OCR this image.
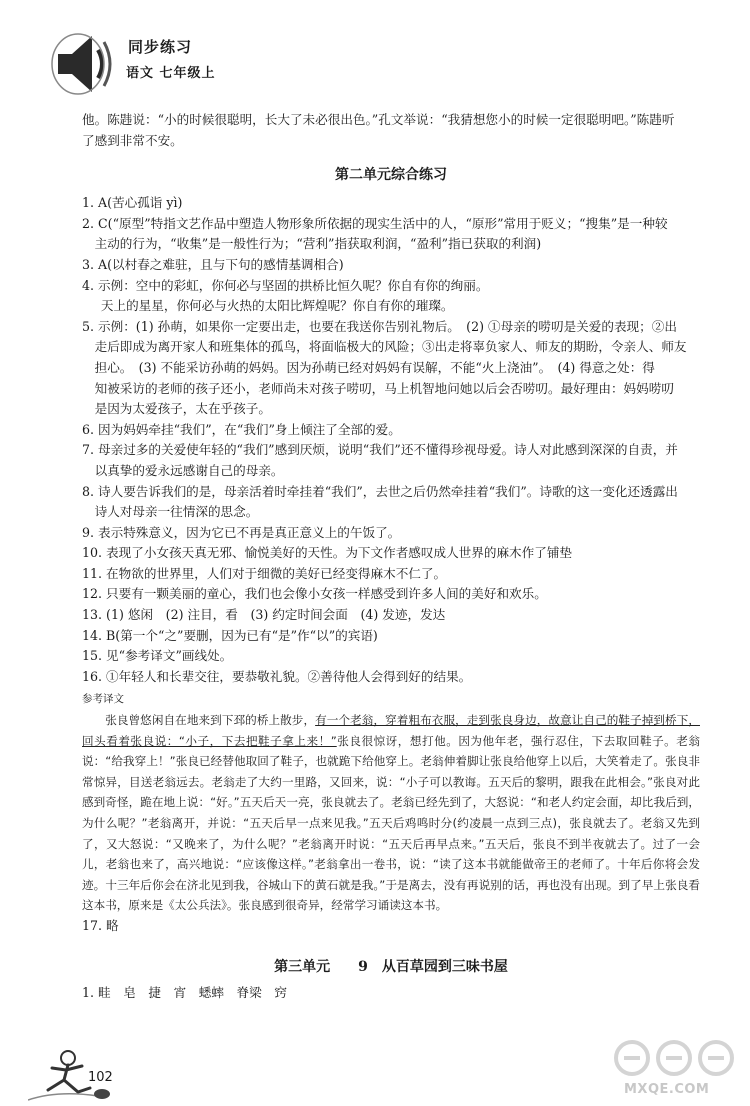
同步练习
语文 七年级上

他。陈韪说：“小的时候很聪明，长大了未必很出色。”孔文举说：“我猜想您小的时候一定很聪明吧。”陈韪听

了感到非常不安。

第二单元综合练习

1. A(苦心孤诣 yì)

2. C(“原型”特指文艺作品中塑造人物形象所依据的现实生活中的人，“原形”常用于贬义；“搜集”是一种较

主动的行为，“收集”是一般性行为；“营利”指获取利润，“盈利”指已获取的利润)

3. A(以村春之难驻，且与下句的感情基调相合)

4. 示例：空中的彩虹，你何必与坚固的拱桥比恒久呢？你自有你的绚丽。

天上的星星，你何必与火热的太阳比辉煌呢？你自有你的璀璨。

5. 示例：(1) 孙萌，如果你一定要出走，也要在我送你告别礼物后。　(2) ①母亲的唠叨是关爱的表现；②出

走后即成为离开家人和班集体的孤鸟，将面临极大的风险；③出走将辜负家人、师友的期盼，令亲人、师友

担心。　(3) 不能采访孙萌的妈妈。因为孙萌已经对妈妈有误解，不能“火上浇油”。　(4) 得意之处：得

知被采访的老师的孩子还小，老师尚未对孩子唠叨，马上机智地问她以后会否唠叨。最好理由：妈妈唠叨

是因为太爱孩子，太在乎孩子。

6. 因为妈妈牵挂“我们”，在“我们”身上倾注了全部的爱。

7. 母亲过多的关爱使年轻的“我们”感到厌烦，说明“我们”还不懂得珍视母爱。诗人对此感到深深的自责，并

以真挚的爱永远感谢自己的母亲。

8. 诗人要告诉我们的是，母亲活着时牵挂着“我们”，去世之后仍然牵挂着“我们”。诗歌的这一变化还透露出

诗人对母亲一往情深的思念。

9. 表示特殊意义，因为它已不再是真正意义上的午饭了。

10. 表现了小女孩天真无邪、愉悦美好的天性。为下文作者感叹成人世界的麻木作了铺垫

11. 在物欲的世界里，人们对于细微的美好已经变得麻木不仁了。

12. 只要有一颗美丽的童心，我们也会像小女孩一样感受到许多人间的美好和欢乐。

13. (1) 悠闲　(2) 注目，看　(3) 约定时间会面　(4) 发迹，发达

14. B(第一个“之”要删，因为已有“是”作“以”的宾语)

15. 见“参考译文”画线处。

16. ①年轻人和长辈交往，要恭敬礼貌。②善待他人会得到好的结果。

参考译文

张良曾悠闲自在地来到下邳的桥上散步，有一个老翁，穿着粗布衣服，走到张良身边，故意让自己的鞋子掉到桥下，回头看着张良说：“小子，下去把鞋子拿上来！”张良很惊讶，想打他。因为他年老，强行忍住，下去取回鞋子。老翁说：“给我穿上！”张良已经替他取回了鞋子，也就跪下给他穿上。老翁伸着脚让张良给他穿上以后，大笑着走了。张良非常惊异，目送老翁远去。老翁走了大约一里路，又回来，说：“小子可以教诲。五天后的黎明，跟我在此相会。”张良对此感到奇怪，跪在地上说：“好。”五天后天一亮，张良就去了。老翁已经先到了，大怒说：“和老人约定会面，却比我后到，为什么呢？”老翁离开，并说：“五天后早一点来见我。”五天后鸡鸣时分(约凌晨一点到三点)，张良就去了。老翁又先到了，又大怒说：“又晚来了，为什么呢？”老翁离开时说：“五天后再早点来。”五天后，张良不到半夜就去了。过了一会儿，老翁也来了，高兴地说：“应该像这样。”老翁拿出一卷书，说：“读了这本书就能做帝王的老师了。十年后你将会发迹。十三年后你会在济北见到我，谷城山下的黄石就是我。”于是离去，没有再说别的话，再也没有出现。到了早上张良看这本书，原来是《太公兵法》。张良感到很奇异，经常学习诵读这本书。

17. 略

第三单元　　9　从百草园到三味书屋

1. 畦　皂　捷　宵　蟋蟀　脊梁　窍

102
MXQE.COM
